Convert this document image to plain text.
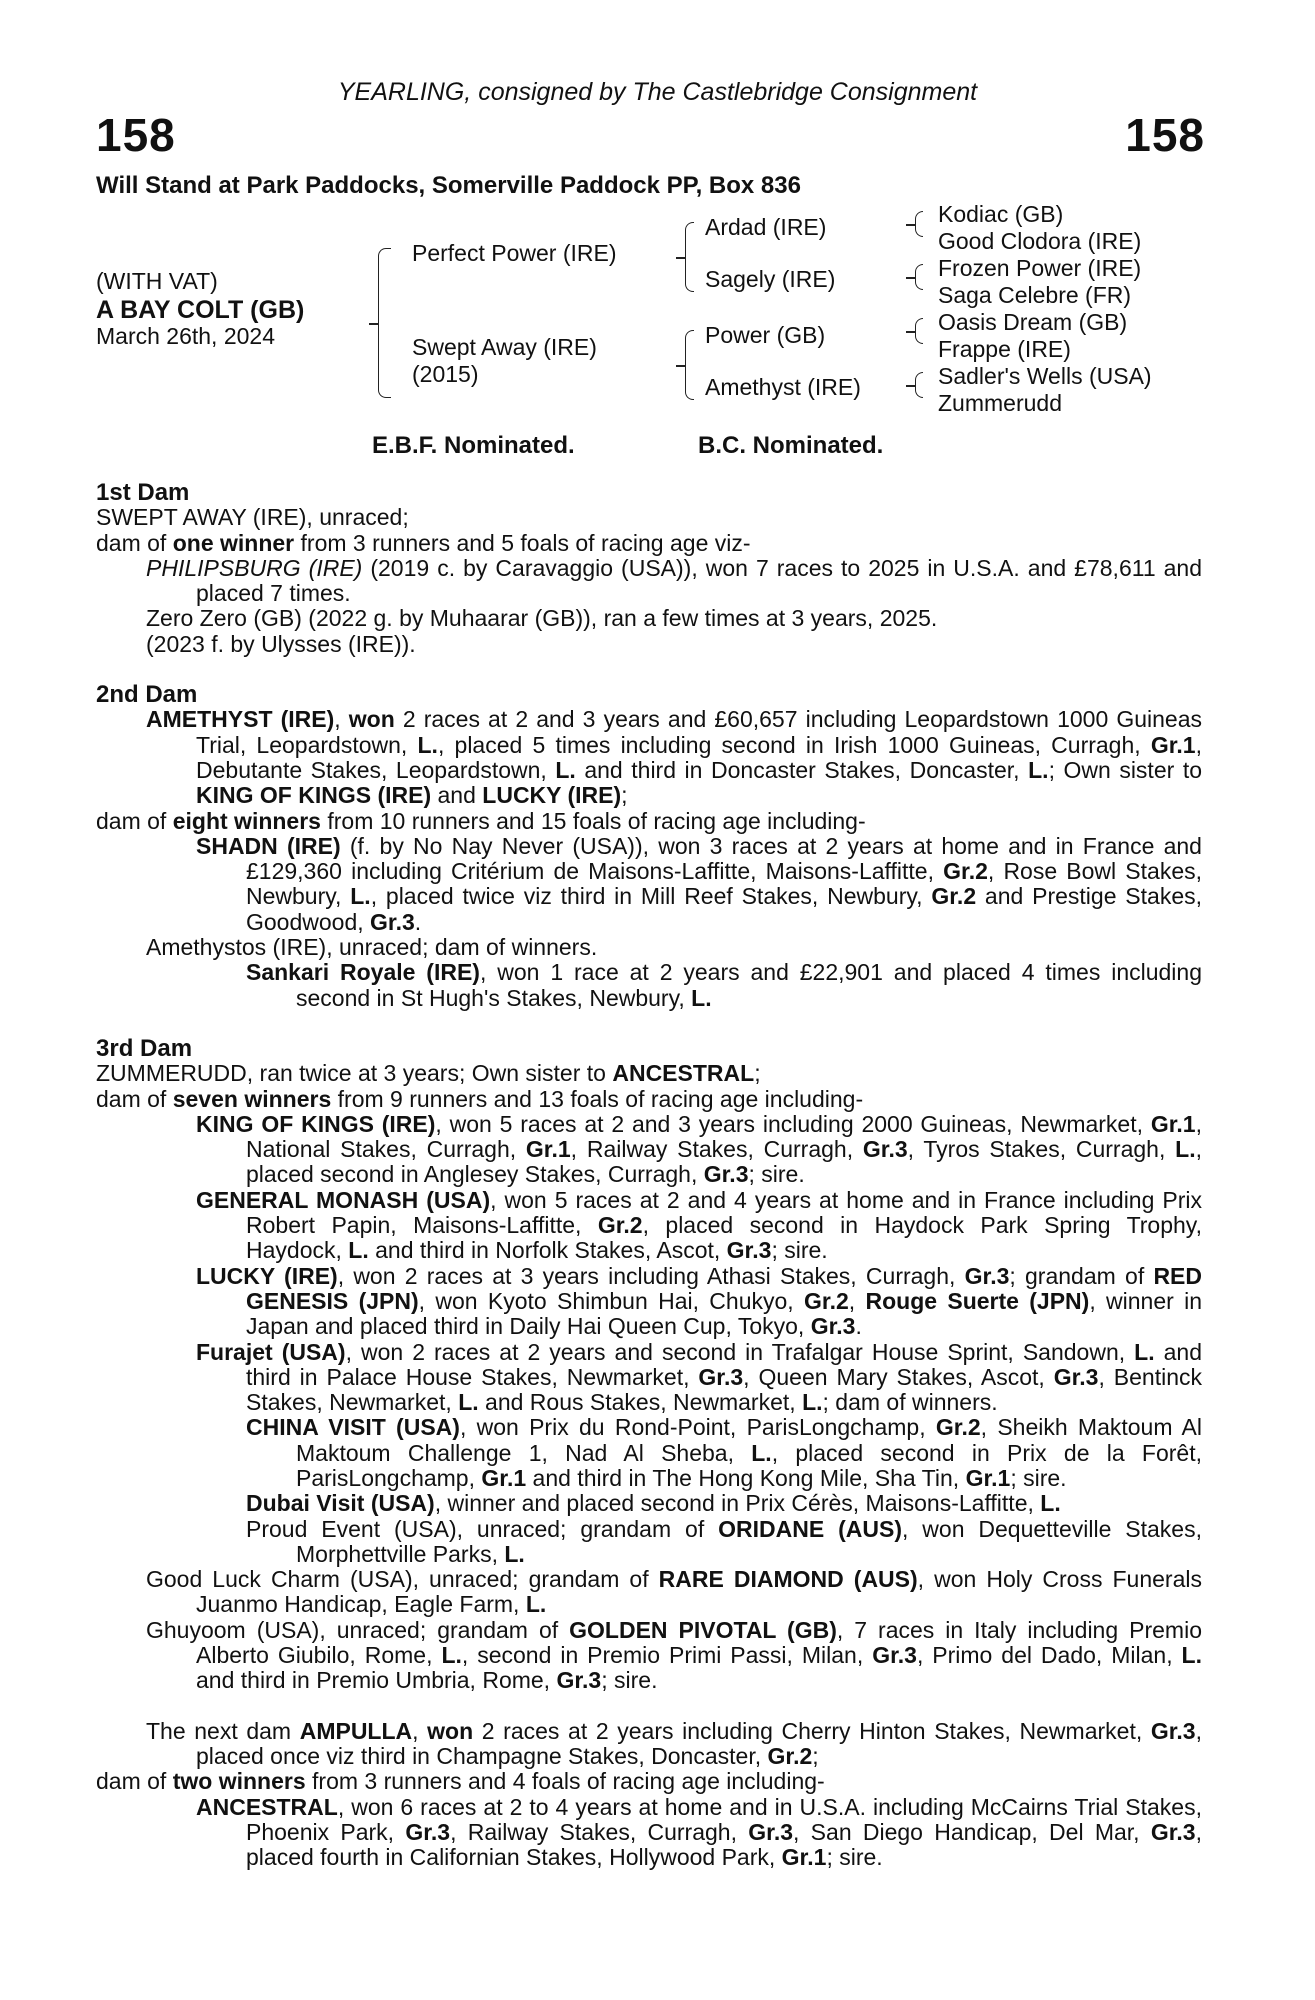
YEARLING, consigned by The Castlebridge Consignment
158	158
Will Stand at Park Paddocks, Somerville Paddock PP, Box 836
(WITH VAT)
A BAY COLT (GB)
March 26th, 2024
Perfect Power (IRE)
Swept Away (IRE)
(2015)
Ardad (IRE)
Sagely (IRE)
Power (GB)
Amethyst (IRE)
Kodiac (GB)
Good Clodora (IRE)
Frozen Power (IRE)
Saga Celebre (FR)
Oasis Dream (GB)
Frappe (IRE)
Sadler's Wells (USA)
Zummerudd
E.B.F. Nominated.	B.C. Nominated.
1st Dam
SWEPT AWAY (IRE), unraced;
dam of one winner from 3 runners and 5 foals of racing age viz-
PHILIPSBURG (IRE) (2019 c. by Caravaggio (USA)), won 7 races to 2025 in U.S.A. and £78,611 and placed 7 times.
Zero Zero (GB) (2022 g. by Muhaarar (GB)), ran a few times at 3 years, 2025.
(2023 f. by Ulysses (IRE)).
2nd Dam
AMETHYST (IRE), won 2 races at 2 and 3 years and £60,657 including Leopardstown 1000 Guineas Trial, Leopardstown, L., placed 5 times including second in Irish 1000 Guineas, Curragh, Gr.1, Debutante Stakes, Leopardstown, L. and third in Doncaster Stakes, Doncaster, L.; Own sister to KING OF KINGS (IRE) and LUCKY (IRE);
dam of eight winners from 10 runners and 15 foals of racing age including-
SHADN (IRE) (f. by No Nay Never (USA)), won 3 races at 2 years at home and in France and £129,360 including Critérium de Maisons-Laffitte, Maisons-Laffitte, Gr.2, Rose Bowl Stakes, Newbury, L., placed twice viz third in Mill Reef Stakes, Newbury, Gr.2 and Prestige Stakes, Goodwood, Gr.3.
Amethystos (IRE), unraced; dam of winners.
Sankari Royale (IRE), won 1 race at 2 years and £22,901 and placed 4 times including second in St Hugh's Stakes, Newbury, L.
3rd Dam
ZUMMERUDD, ran twice at 3 years; Own sister to ANCESTRAL;
dam of seven winners from 9 runners and 13 foals of racing age including-
KING OF KINGS (IRE), won 5 races at 2 and 3 years including 2000 Guineas, Newmarket, Gr.1, National Stakes, Curragh, Gr.1, Railway Stakes, Curragh, Gr.3, Tyros Stakes, Curragh, L., placed second in Anglesey Stakes, Curragh, Gr.3; sire.
GENERAL MONASH (USA), won 5 races at 2 and 4 years at home and in France including Prix Robert Papin, Maisons-Laffitte, Gr.2, placed second in Haydock Park Spring Trophy, Haydock, L. and third in Norfolk Stakes, Ascot, Gr.3; sire.
LUCKY (IRE), won 2 races at 3 years including Athasi Stakes, Curragh, Gr.3; grandam of RED GENESIS (JPN), won Kyoto Shimbun Hai, Chukyo, Gr.2, Rouge Suerte (JPN), winner in Japan and placed third in Daily Hai Queen Cup, Tokyo, Gr.3.
Furajet (USA), won 2 races at 2 years and second in Trafalgar House Sprint, Sandown, L. and third in Palace House Stakes, Newmarket, Gr.3, Queen Mary Stakes, Ascot, Gr.3, Bentinck Stakes, Newmarket, L. and Rous Stakes, Newmarket, L.; dam of winners.
CHINA VISIT (USA), won Prix du Rond-Point, ParisLongchamp, Gr.2, Sheikh Maktoum Al Maktoum Challenge 1, Nad Al Sheba, L., placed second in Prix de la Forêt, ParisLongchamp, Gr.1 and third in The Hong Kong Mile, Sha Tin, Gr.1; sire.
Dubai Visit (USA), winner and placed second in Prix Cérès, Maisons-Laffitte, L.
Proud Event (USA), unraced; grandam of ORIDANE (AUS), won Dequetteville Stakes, Morphettville Parks, L.
Good Luck Charm (USA), unraced; grandam of RARE DIAMOND (AUS), won Holy Cross Funerals Juanmo Handicap, Eagle Farm, L.
Ghuyoom (USA), unraced; grandam of GOLDEN PIVOTAL (GB), 7 races in Italy including Premio Alberto Giubilo, Rome, L., second in Premio Primi Passi, Milan, Gr.3, Primo del Dado, Milan, L. and third in Premio Umbria, Rome, Gr.3; sire.
The next dam AMPULLA, won 2 races at 2 years including Cherry Hinton Stakes, Newmarket, Gr.3, placed once viz third in Champagne Stakes, Doncaster, Gr.2;
dam of two winners from 3 runners and 4 foals of racing age including-
ANCESTRAL, won 6 races at 2 to 4 years at home and in U.S.A. including McCairns Trial Stakes, Phoenix Park, Gr.3, Railway Stakes, Curragh, Gr.3, San Diego Handicap, Del Mar, Gr.3, placed fourth in Californian Stakes, Hollywood Park, Gr.1; sire.
